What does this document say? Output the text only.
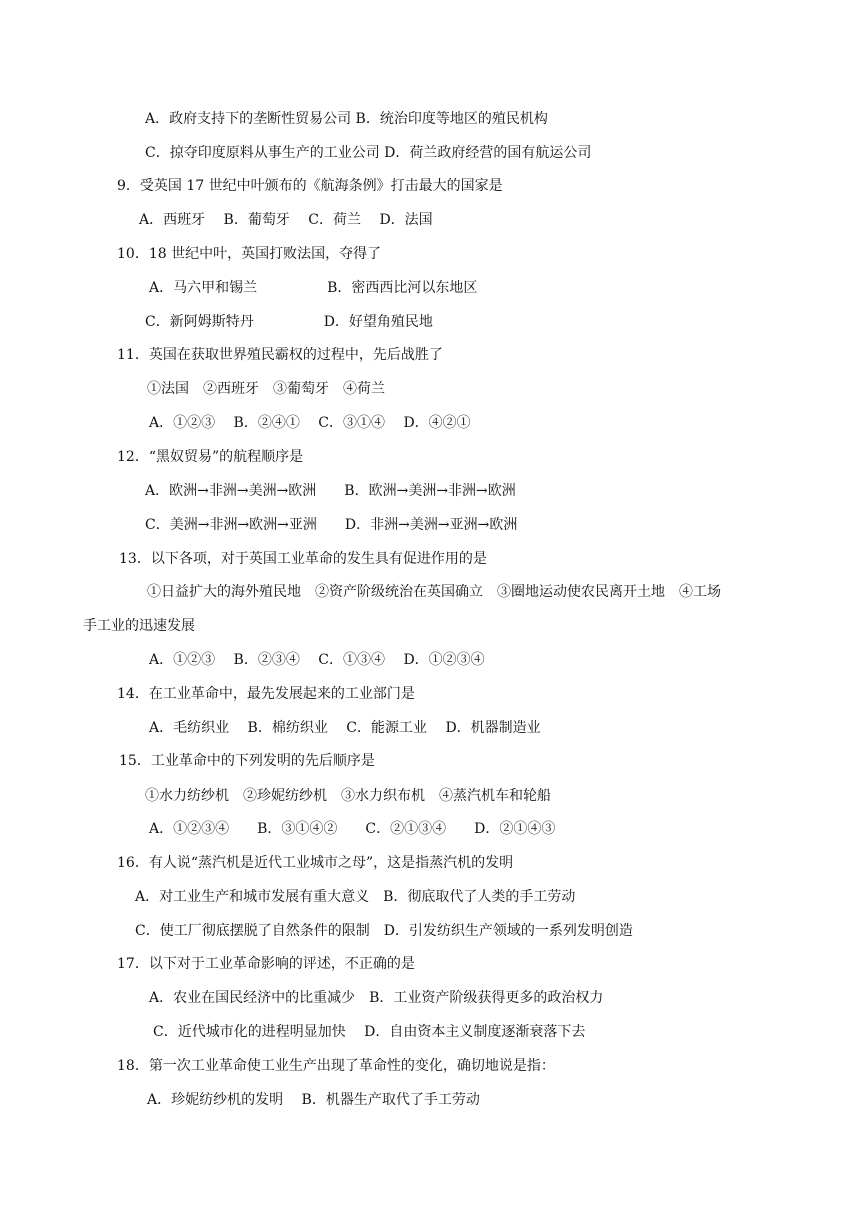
A．政府支持下的垄断性贸易公司 B．统治印度等地区的殖民机构
C．掠夺印度原料从事生产的工业公司 D．荷兰政府经营的国有航运公司
9．受英国 17 世纪中叶颁布的《航海条例》打击最大的国家是
A．西班牙　 B．葡萄牙　 C．荷兰　 D．法国
10．18 世纪中叶，英国打败法国，夺得了
A．马六甲和锡兰　　　　　B．密西西比河以东地区
C．新阿姆斯特丹　　　　　D．好望角殖民地
11．英国在获取世界殖民霸权的过程中，先后战胜了
①法国　②西班牙　③葡萄牙　④荷兰
A．①②③　 B．②④①　 C．③①④　 D．④②①
12．“黑奴贸易”的航程顺序是
A．欧洲→非洲→美洲→欧洲　　B．欧洲→美洲→非洲→欧洲
C．美洲→非洲→欧洲→亚洲　　D．非洲→美洲→亚洲→欧洲
13．以下各项，对于英国工业革命的发生具有促进作用的是
①日益扩大的海外殖民地　②资产阶级统治在英国确立　③圈地运动使农民离开土地　④工场
手工业的迅速发展
A．①②③　 B．②③④　 C．①③④　 D．①②③④
14．在工业革命中，最先发展起来的工业部门是
A．毛纺织业　 B．棉纺织业　 C．能源工业　 D．机器制造业
15．工业革命中的下列发明的先后顺序是
①水力纺纱机　②珍妮纺纱机　③水力织布机　④蒸汽机车和轮船
A．①②③④　　B．③①④②　　C．②①③④　　D．②①④③
16．有人说“蒸汽机是近代工业城市之母”，这是指蒸汽机的发明
A．对工业生产和城市发展有重大意义　B．彻底取代了人类的手工劳动
C．使工厂彻底摆脱了自然条件的限制　D．引发纺织生产领域的一系列发明创造
17．以下对于工业革命影响的评述，不正确的是
A．农业在国民经济中的比重减少　B．工业资产阶级获得更多的政治权力
C．近代城市化的进程明显加快　 D．自由资本主义制度逐渐衰落下去
18．第一次工业革命使工业生产出现了革命性的变化，确切地说是指：
A．珍妮纺纱机的发明　 B．机器生产取代了手工劳动
